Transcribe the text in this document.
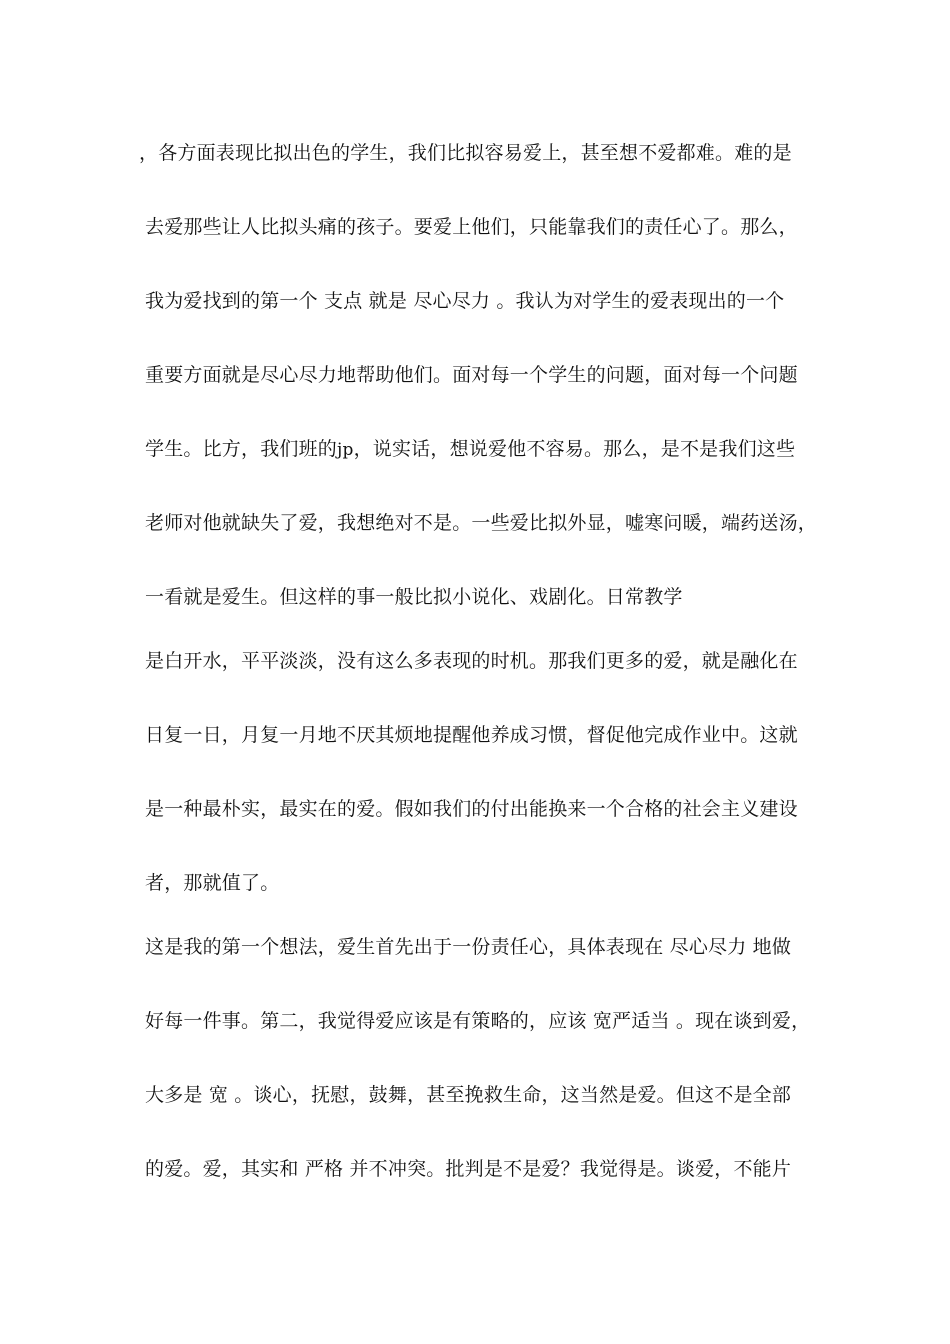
，各方面表现比拟出色的学生，我们比拟容易爱上，甚至想不爱都难。难的是
去爱那些让人比拟头痛的孩子。要爱上他们，只能靠我们的责任心了。那么，
我为爱找到的第一个 支点 就是 尽心尽力 。我认为对学生的爱表现出的一个
重要方面就是尽心尽力地帮助他们。面对每一个学生的问题，面对每一个问题
学生。比方，我们班的jp，说实话，想说爱他不容易。那么，是不是我们这些
老师对他就缺失了爱，我想绝对不是。一些爱比拟外显，嘘寒问暖，端药送汤，
一看就是爱生。但这样的事一般比拟小说化、戏剧化。日常教学
是白开水，平平淡淡，没有这么多表现的时机。那我们更多的爱，就是融化在
日复一日，月复一月地不厌其烦地提醒他养成习惯，督促他完成作业中。这就
是一种最朴实，最实在的爱。假如我们的付出能换来一个合格的社会主义建设
者，那就值了。
这是我的第一个想法，爱生首先出于一份责任心，具体表现在 尽心尽力 地做
好每一件事。第二，我觉得爱应该是有策略的，应该 宽严适当 。现在谈到爱，
大多是 宽 。谈心，抚慰，鼓舞，甚至挽救生命，这当然是爱。但这不是全部
的爱。爱，其实和 严格 并不冲突。批判是不是爱？我觉得是。谈爱，不能片
